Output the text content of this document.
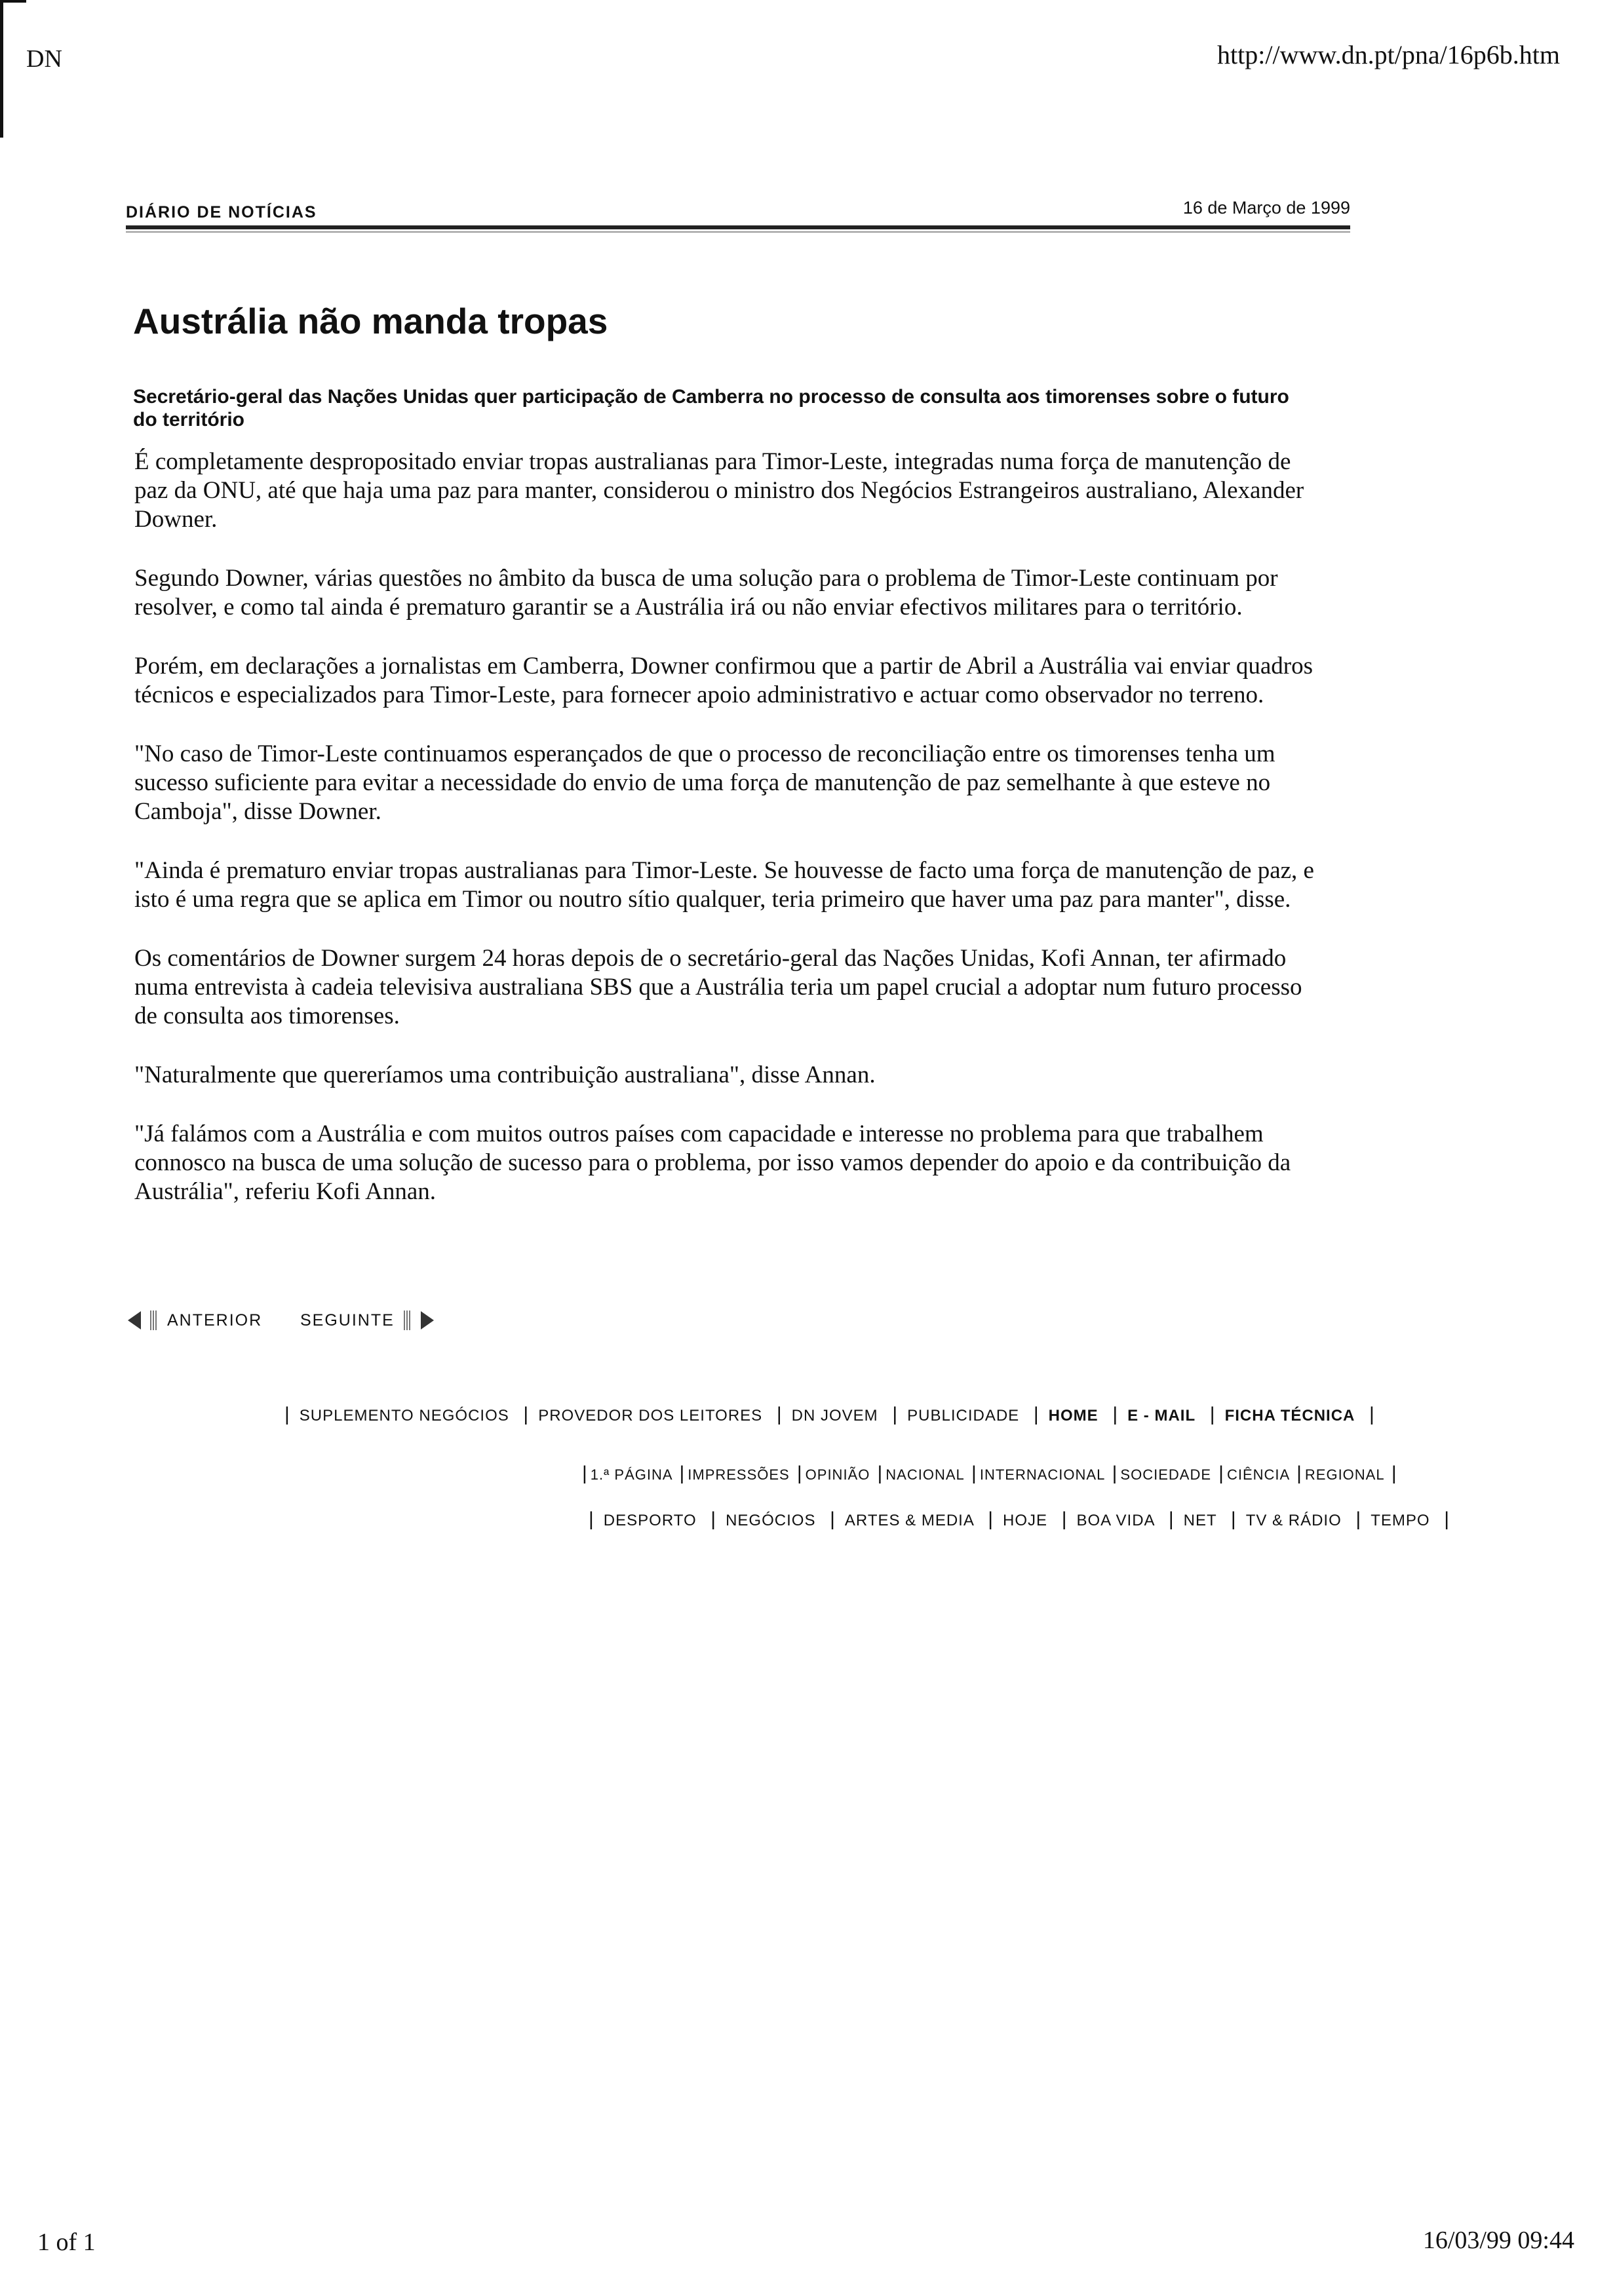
DN	http://www.dn.pt/pna/16p6b.htm
DIÁRIO DE NOTÍCIAS	16 de Março de 1999
Austrália não manda tropas

Secretário-geral das Nações Unidas quer participação de Camberra no processo de consulta aos timorenses sobre o futuro do território

É completamente despropositado enviar tropas australianas para Timor-Leste, integradas numa força de manutenção de paz da ONU, até que haja uma paz para manter, considerou o ministro dos Negócios Estrangeiros australiano, Alexander Downer.

Segundo Downer, várias questões no âmbito da busca de uma solução para o problema de Timor-Leste continuam por resolver, e como tal ainda é prematuro garantir se a Austrália irá ou não enviar efectivos militares para o território.

Porém, em declarações a jornalistas em Camberra, Downer confirmou que a partir de Abril a Austrália vai enviar quadros técnicos e especializados para Timor-Leste, para fornecer apoio administrativo e actuar como observador no terreno.

"No caso de Timor-Leste continuamos esperançados de que o processo de reconciliação entre os timorenses tenha um sucesso suficiente para evitar a necessidade do envio de uma força de manutenção de paz semelhante à que esteve no Camboja", disse Downer.

"Ainda é prematuro enviar tropas australianas para Timor-Leste. Se houvesse de facto uma força de manutenção de paz, e isto é uma regra que se aplica em Timor ou noutro sítio qualquer, teria primeiro que haver uma paz para manter", disse.

Os comentários de Downer surgem 24 horas depois de o secretário-geral das Nações Unidas, Kofi Annan, ter afirmado numa entrevista à cadeia televisiva australiana SBS que a Austrália teria um papel crucial a adoptar num futuro processo de consulta aos timorenses.

"Naturalmente que quereríamos uma contribuição australiana", disse Annan.

"Já falámos com a Austrália e com muitos outros países com capacidade e interesse no problema para que trabalhem connosco na busca de uma solução de sucesso para o problema, por isso vamos depender do apoio e da contribuição da Austrália", referiu Kofi Annan.

ANTERIOR SEGUINTE
| SUPLEMENTO NEGÓCIOS | PROVEDOR DOS LEITORES | DN JOVEM | PUBLICIDADE | HOME | E - MAIL | FICHA TÉCNICA |
| 1.ª PÁGINA | IMPRESSÕES | OPINIÃO | NACIONAL | INTERNACIONAL | SOCIEDADE | CIÊNCIA | REGIONAL |
| DESPORTO | NEGÓCIOS | ARTES & MEDIA | HOJE | BOA VIDA | NET | TV & RÁDIO | TEMPO |
1 of 1	16/03/99 09:44
